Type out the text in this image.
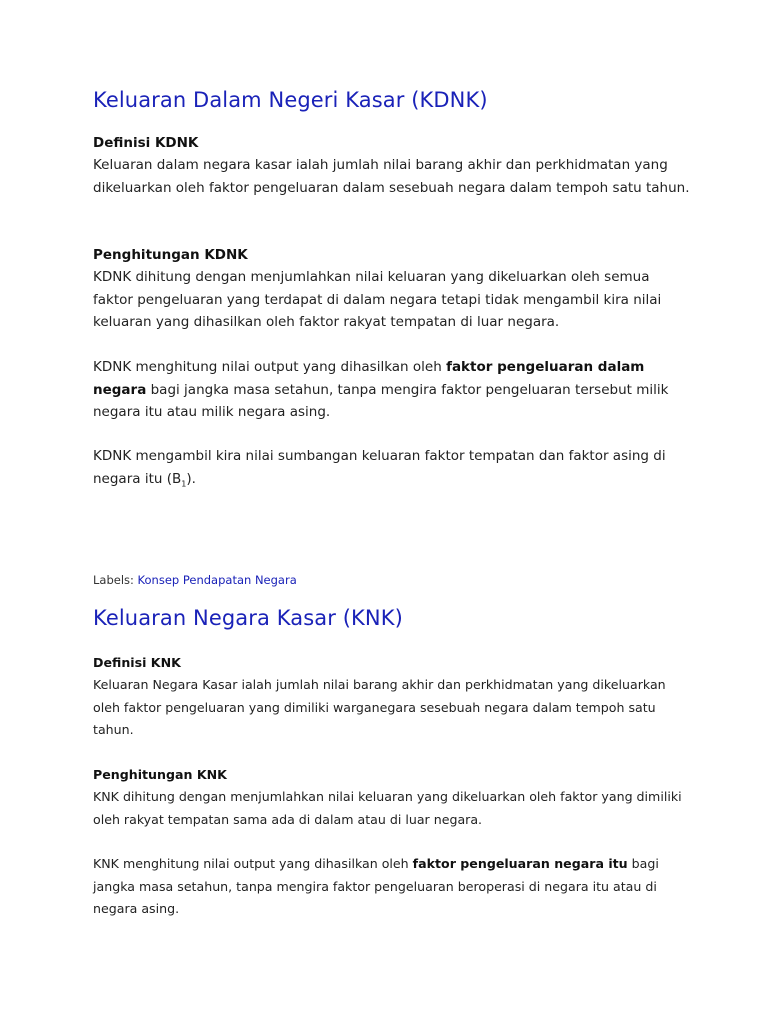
Keluaran Dalam Negeri Kasar (KDNK)

Definisi KDNK

Keluaran dalam negara kasar ialah jumlah nilai barang akhir dan perkhidmatan yang dikeluarkan oleh faktor pengeluaran dalam sesebuah negara dalam tempoh satu tahun.

Penghitungan KDNK

KDNK dihitung dengan menjumlahkan nilai keluaran yang dikeluarkan oleh semua faktor pengeluaran yang terdapat di dalam negara tetapi tidak mengambil kira nilai keluaran yang dihasilkan oleh faktor rakyat tempatan di luar negara.

KDNK menghitung nilai output yang dihasilkan oleh faktor pengeluaran dalam negara bagi jangka masa setahun, tanpa mengira faktor pengeluaran tersebut milik negara itu atau milik negara asing.

KDNK mengambil kira nilai sumbangan keluaran faktor tempatan dan faktor asing di negara itu $(B_1)$.

Labels: Konsep Pendapatan Negara
Keluaran Negara Kasar (KNK)

Definisi KNK

Keluaran Negara Kasar ialah jumlah nilai barang akhir dan perkhidmatan yang dikeluarkan oleh faktor pengeluaran yang dimiliki warganegara sesebuah negara dalam tempoh satu tahun.

Penghitungan KNK

KNK dihitung dengan menjumlahkan nilai keluaran yang dikeluarkan oleh faktor yang dimiliki oleh rakyat tempatan sama ada di dalam atau di luar negara.

KNK menghitung nilai output yang dihasilkan oleh faktor pengeluaran negara itu bagi jangka masa setahun, tanpa mengira faktor pengeluaran beroperasi di negara itu atau di negara asing.
